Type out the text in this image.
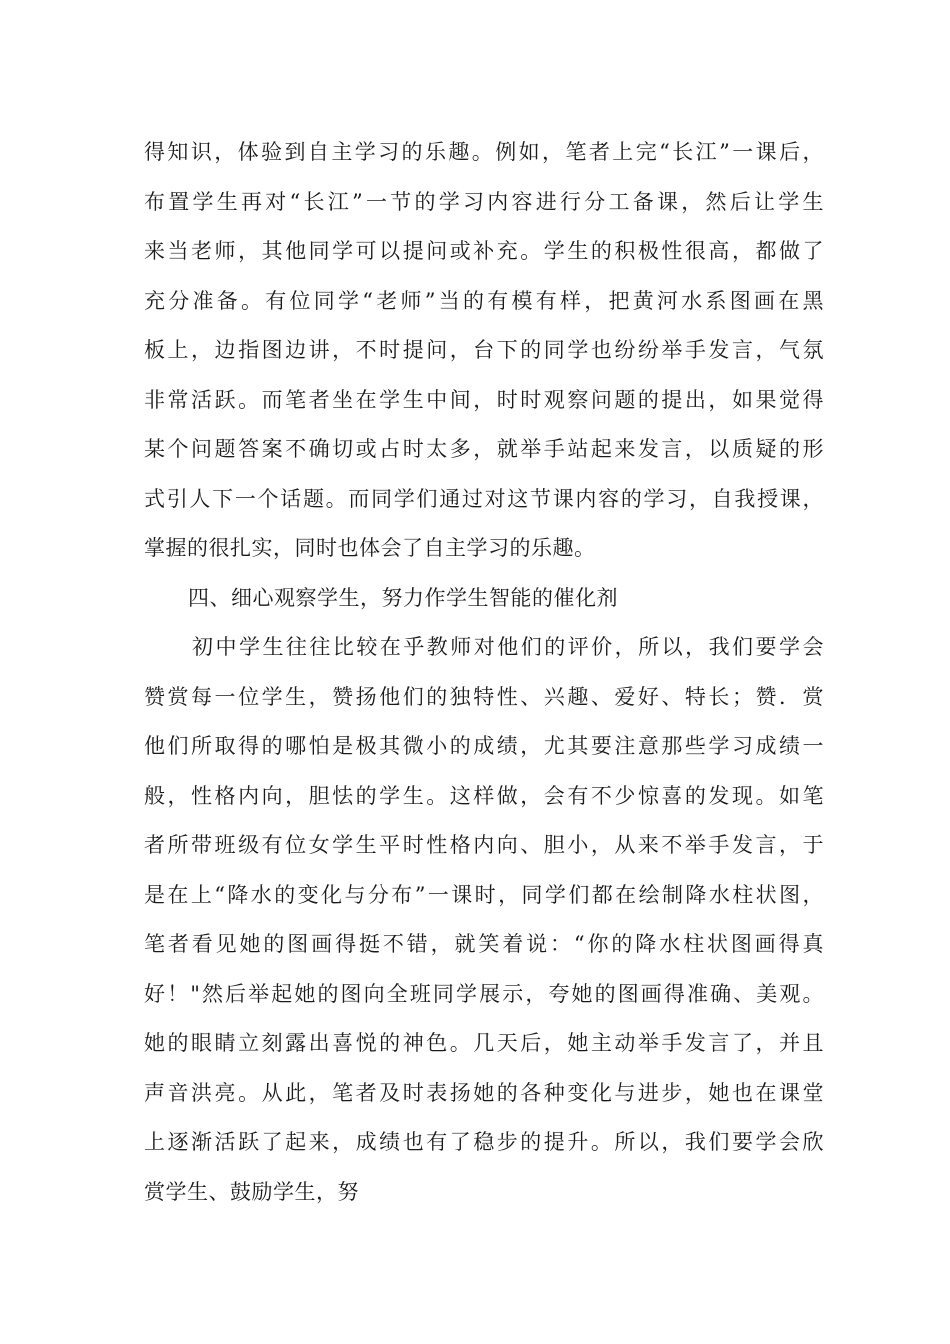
得知识，体验到自主学习的乐趣。例如，笔者上完“长江”一课后，
布置学生再对“长江”一节的学习内容进行分工备课，然后让学生
来当老师，其他同学可以提问或补充。学生的积极性很高，都做了
充分准备。有位同学“老师”当的有模有样，把黄河水系图画在黑
板上，边指图边讲，不时提问，台下的同学也纷纷举手发言，气氛
非常活跃。而笔者坐在学生中间，时时观察问题的提出，如果觉得
某个问题答案不确切或占时太多，就举手站起来发言，以质疑的形
式引人下一个话题。而同学们通过对这节课内容的学习，自我授课，
掌握的很扎实，同时也体会了自主学习的乐趣。
四、细心观察学生，努力作学生智能的催化剂
初中学生往往比较在乎教师对他们的评价，所以，我们要学会
赞赏每一位学生，赞扬他们的独特性、兴趣、爱好、特长；赞．赏
他们所取得的哪怕是极其微小的成绩，尤其要注意那些学习成绩一
般，性格内向，胆怯的学生。这样做，会有不少惊喜的发现。如笔
者所带班级有位女学生平时性格内向、胆小，从来不举手发言，于
是在上“降水的变化与分布”一课时，同学们都在绘制降水柱状图，
笔者看见她的图画得挺不错，就笑着说：“你的降水柱状图画得真
好！"然后举起她的图向全班同学展示，夸她的图画得准确、美观。
她的眼睛立刻露出喜悦的神色。几天后，她主动举手发言了，并且
声音洪亮。从此，笔者及时表扬她的各种变化与进步，她也在课堂
上逐渐活跃了起来，成绩也有了稳步的提升。所以，我们要学会欣
赏学生、鼓励学生，努
